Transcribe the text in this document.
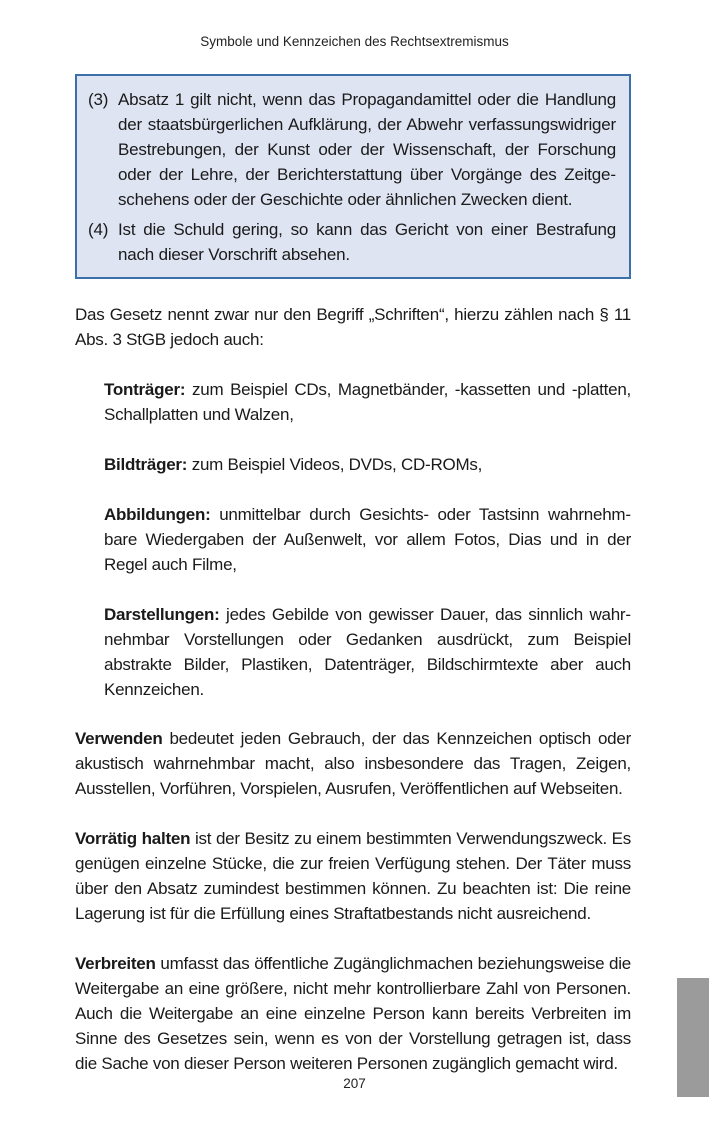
Symbole und Kennzeichen des Rechtsextremismus
(3) Absatz 1 gilt nicht, wenn das Propagandamittel oder die Handlung der staatsbürgerlichen Aufklärung, der Abwehr verfassungswidriger Bestrebungen, der Kunst oder der Wissenschaft, der Forschung oder der Lehre, der Berichterstattung über Vorgänge des Zeitgeschehens oder der Geschichte oder ähnlichen Zwecken dient.
(4) Ist die Schuld gering, so kann das Gericht von einer Bestrafung nach dieser Vorschrift absehen.

Das Gesetz nennt zwar nur den Begriff „Schriften“, hierzu zählen nach § 11 Abs. 3 StGB jedoch auch:

Tonträger: zum Beispiel CDs, Magnetbänder, -kassetten und -platten, Schallplatten und Walzen,

Bildträger: zum Beispiel Videos, DVDs, CD-ROMs,

Abbildungen: unmittelbar durch Gesichts- oder Tastsinn wahrnehmbare Wiedergaben der Außenwelt, vor allem Fotos, Dias und in der Regel auch Filme,

Darstellungen: jedes Gebilde von gewisser Dauer, das sinnlich wahrnehmbar Vorstellungen oder Gedanken ausdrückt, zum Beispiel abstrakte Bilder, Plastiken, Datenträger, Bildschirmtexte aber auch Kennzeichen.

Verwenden bedeutet jeden Gebrauch, der das Kennzeichen optisch oder akustisch wahrnehmbar macht, also insbesondere das Tragen, Zeigen, Ausstellen, Vorführen, Vorspielen, Ausrufen, Veröffentlichen auf Webseiten.

Vorrätig halten ist der Besitz zu einem bestimmten Verwendungszweck. Es genügen einzelne Stücke, die zur freien Verfügung stehen. Der Täter muss über den Absatz zumindest bestimmen können. Zu beachten ist: Die reine Lagerung ist für die Erfüllung eines Straftatbestands nicht ausreichend.

Verbreiten umfasst das öffentliche Zugänglichmachen beziehungsweise die Weitergabe an eine größere, nicht mehr kontrollierbare Zahl von Personen. Auch die Weitergabe an eine einzelne Person kann bereits Verbreiten im Sinne des Gesetzes sein, wenn es von der Vorstellung getragen ist, dass die Sache von dieser Person weiteren Personen zugänglich gemacht wird.

207
